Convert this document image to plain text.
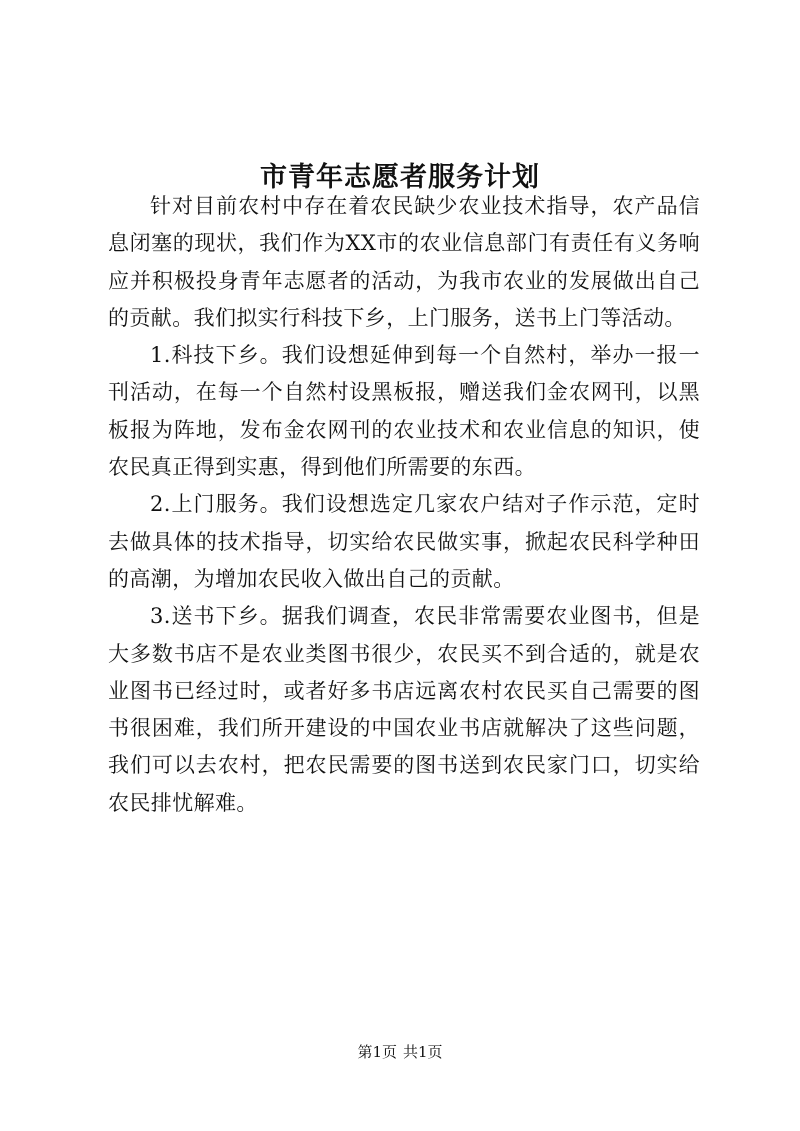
市青年志愿者服务计划

针对目前农村中存在着农民缺少农业技术指导，农产品信息闭塞的现状，我们作为XX市的农业信息部门有责任有义务响应并积极投身青年志愿者的活动，为我市农业的发展做出自己的贡献。我们拟实行科技下乡，上门服务，送书上门等活动。

1.科技下乡。我们设想延伸到每一个自然村，举办一报一刊活动，在每一个自然村设黑板报，赠送我们金农网刊，以黑板报为阵地，发布金农网刊的农业技术和农业信息的知识，使农民真正得到实惠，得到他们所需要的东西。

2.上门服务。我们设想选定几家农户结对子作示范，定时去做具体的技术指导，切实给农民做实事，掀起农民科学种田的高潮，为增加农民收入做出自己的贡献。

3.送书下乡。据我们调查，农民非常需要农业图书，但是大多数书店不是农业类图书很少，农民买不到合适的，就是农业图书已经过时，或者好多书店远离农村农民买自己需要的图书很困难，我们所开建设的中国农业书店就解决了这些问题，我们可以去农村，把农民需要的图书送到农民家门口，切实给农民排忧解难。

第1页 共1页
